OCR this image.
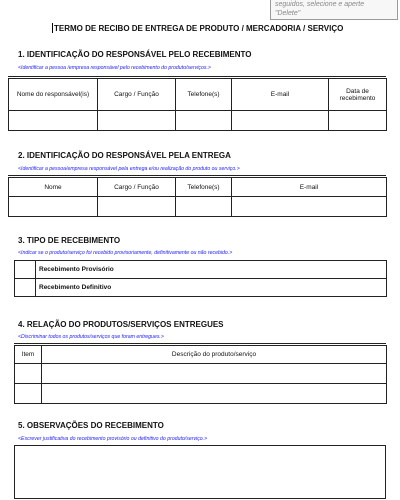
seguidos, selecione e aperte
"Delete"
TERMO DE RECIBO DE ENTREGA DE PRODUTO / MERCADORIA / SERVIÇO
1. IDENTIFICAÇÃO DO RESPONSÁVEL PELO RECEBIMENTO
<Identificar a pessoa /empresa responsável pelo recebimento do produto/serviços.>
Nome do responsável(is)	Cargo / Função	Telefone(s)	E-mail	Data de recebimento

2. IDENTIFICAÇÃO DO RESPONSÁVEL PELA ENTREGA
<Identificar a pessoa/empresa responsável pela entrega e/ou realização do produto ou serviço.>
Nome	Cargo / Função	Telefone(s)	E-mail

3. TIPO DE RECEBIMENTO
<Indicar se o produto/serviço foi recebido provisoriamente, definitivamente ou não recebido.>
	Recebimento Provisório
	Recebimento Definitivo
4. RELAÇÃO DO PRODUTOS/SERVIÇOS ENTREGUES
<Discriminar todos os produtos/serviços que foram entregues.>
Item	Descrição do produto/serviço

5. OBSERVAÇÕES DO RECEBIMENTO
<Escrever justificativa do recebimento provisório ou definitivo do produto/serviço.>
